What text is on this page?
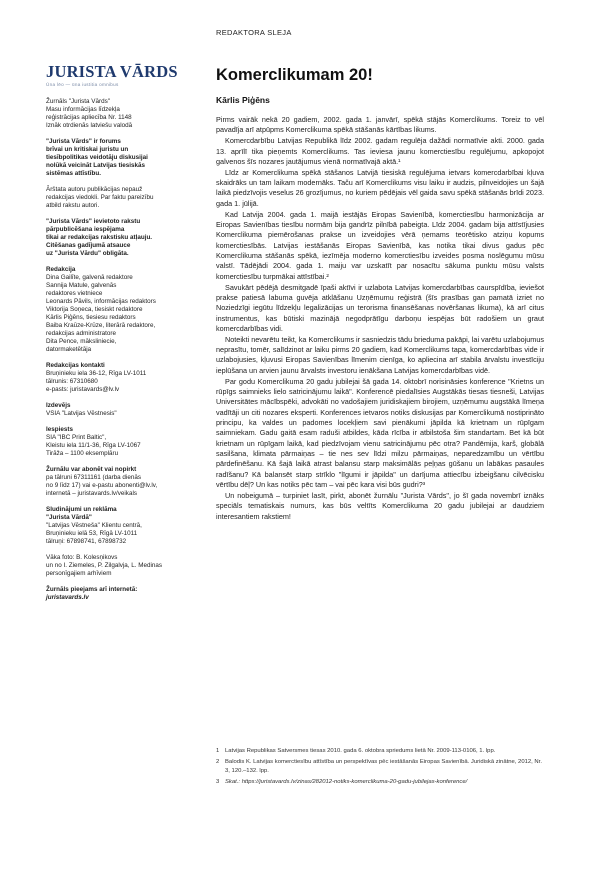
REDAKTORA SLEJA
JURISTA VĀRDS
Ūna lēo — ūna iustitia omnibus
Žurnāls "Jurista Vārds"
Masu informācijas līdzekļa
reģistrācijas apliecība Nr. 1148
Iznāk otrdienās latviešu valodā
"Jurista Vārds" ir forums
brīvai un kritiskai juristu un
tiesībpolitikas veidotāju diskusijai
nolūkā veicināt Latvijas tiesiskās
sistēmas attīstību.
Ārštata autoru publikācijas nepauž
redakcijas viedokli. Par faktu pareizību
atbild rakstu autori.
"Jurista Vārds" ievietoto rakstu
pārpublicēšana iespējama
tikai ar redakcijas rakstisku atļauju.
Citēšanas gadījumā atsauce
uz "Jurista Vārdu" obligāta.
Redakcija
Dina Gailīte, galvenā redaktore
Sannija Matule, galvenās
redaktores vietniece
Leonards Pāvils, informācijas redaktors
Viktorija Soņeca, tiesiskt redaktore
Kārlis Piģēns, tiesiesu redaktors
Baiba Kraūze-Krūze, literārā redaktore,
redakcijas administratore
Dita Pence, mākslinieciе,
datormaketētāja
Redakcijas kontakti
Bruņinieku iela 36-12, Rīga LV-1011
tālrunis: 67310680
e-pasts: juristavards@lv.lv
Izdevējs
VSIA "Latvijas Vēstnesis"
Iespiests
SIA "IBC Print Baltic",
Kleistu iela 11/1-36, Rīga LV-1067
Tirāža – 1100 eksemplāru
Žurnālu var abonēt vai nopirkt
pa tālruni 67311161 (darba dienās
no 9 līdz 17) vai e-pastu abonenti@lv.lv,
internetā – juristavards.lv/veikals
Sludinājumi un reklāma
"Jurista Vārdā"
"Latvijas Vēstneša" Klientu centrā,
Bruņinieku ielā 53, Rīgā LV-1011
tālruņi: 67898741, 67898732
Vāka foto: B. Kolesņikovs
un no I. Ziemeles, P. Zilgalvja, L. Medinas
personīgajiem arhīviem
Žurnāls pieejams arī internetā:
juristavards.lv
Komerclikumam 20!
Kārlis Piģēns

Pirms vairāk nekā 20 gadiem, 2002. gada 1. janvārī, spēkā stājās Komerclikums. Toreiz to vēl pavadīja arī atpūpms Komerclikuma spēkā stāšanās kārtības likums.

Komercdarbību Latvijas Republikā līdz 2002. gadam regulēja dažādi normatīvie akti. 2000. gada 13. aprīlī tika pieņemts Komerclikums. Tas ieviesa jaunu komerctiesību regulējumu, apkopojot galvenos šīs nozares jautājumus vienā normatīvajā aktā.¹

Līdz ar Komerclikuma spēkā stāšanos Latvijā tiesiskā regulējuma ietvars komercdarbībai kļuva skaidrāks un tam laikam modernāks. Taču arī Komerclikums visu laiku ir audzis, pilnveidojies un šajā laikā piedzīvojis veselus 26 grozījumus, no kuriem pēdējais vēl gaida savu spēkā stāšanās brīdi 2023. gada 1. jūlijā.

Kad Latvija 2004. gada 1. maijā iestājās Eiropas Savienībā, komerctiesību harmonizācija ar Eiropas Savienības tiesību normām bija gandrīz pilnībā pabeigta. Līdz 2004. gadam bija attīstījusies Komerclikuma piemērošanas prakse un izveidojies vērā ņemams teorētisko atziņu kopums komerctiesībās. Latvijas iestāšanās Eiropas Savienībā, kas notika tikai divus gadus pēc Komerclikuma stāšanās spēkā, iezīmēja moderno komerctiesību izveides posma noslēgumu mūsu valstī. Tādējādi 2004. gada 1. maiju var uzskatīt par nosacītu sākuma punktu mūsu valsts komerctiesību turpmākai attīstībai.²

Savukārt pēdējā desmitgadē īpaši aktīvi ir uzlabota Latvijas komercdarbības caurspīdība, ieviešot prakse patiesā labuma guvēja atklāšanu Uzņēmumu reģistrā (šīs prasības gan pamatā izriet no Noziedzīgi iegūtu līdzekļu legalizācijas un terorisma finansēšanas novēršanas likuma), kā arī citus instrumentus, kas būtiski mazinājā negodprātīgu darboņu iespējas būt radošiem un graut komercdarbības vidi.

Noteikti nevarētu teikt, ka Komerclikums ir sasniedzis tādu brieduma pakāpi, lai varētu uzlabojumus neprasītu, tomēr, salīdzinot ar laiku pirms 20 gadiem, kad Komerclikums tapa, komercdarbības vide ir uzlabojusies, kļuvusi Eiropas Savienības līmenim cienīga, ko apliecina arī stabila ārvalstu investīciju ieplūšana un arvien jaunu ārvalsts investoru ienākšana Latvijas komercdarbības vidē.

Par godu Komerclikuma 20 gadu jubilejai šā gada 14. oktobrī norisināsies konference "Krietns un rūpīgs saimnieks lielo satricinājumu laikā". Konferencē piedalīsies Augstākās tiesas tiesneši, Latvijas Universitātes mācībspēki, advokāti no vadošajiem juridiskajiem birojiem, uzņēmumu augstākā līmeņa vadītāji un citi nozares eksperti. Konferences ietvaros notiks diskusijas par Komerclikumā nostiprināto principu, ka valdes un padomes locekļiem savi pienākumi jāpilda kā krietnam un rūpīgam saimniekam. Gadu gaitā esam raduši atbildes, kāda rīcība ir atbilstoša šim standartam. Bet kā būt krietnam un rūpīgam laikā, kad piedzīvojam vienu satricinājumu pēc otra? Pandēmija, karš, globālā sasilšana, klimata pārmaiņas – tie nes sev līdzi milzu pārmaiņas, neparedzamību un vērtību pārdefinēšanu. Kā šajā laikā atrast balansu starp maksimālās peļņas gūšanu un labākas pasaules radīšanu? Kā balansēt starp strīklo "līgumi ir jāpilda" un darījuma attiecību izbeigšanu cilvēcisku vērtību dēļ? Un kas notiks pēc tam – vai pēc kara visi būs gudri?³

Un nobeigumā – turpiniet lasīt, pirkt, abonēt žurnālu "Jurista Vārds", jo šī gada novembrī iznāks speciāls tematiskais numurs, kas būs veltīts Komerclikuma 20 gadu jubilejai ar daudziem interesantiem rakstiem!

1 Latvijas Republikas Satversmes tiesas 2010. gada 6. oktobra spriedums lietā Nr. 2009-113-0106, 1. lpp.
2 Balodis K. Latvijas komerctiesību attīstība un perspektīvas pēc iestāšanās Eiropas Savienībā. Juridiskā zinātne, 2012, Nr. 3, 120.–132. lpp.
3 Skat.: https://juristavards.lv/zinas/282012-notiks-komerclikuma-20-gadu-jubilejas-konference/
